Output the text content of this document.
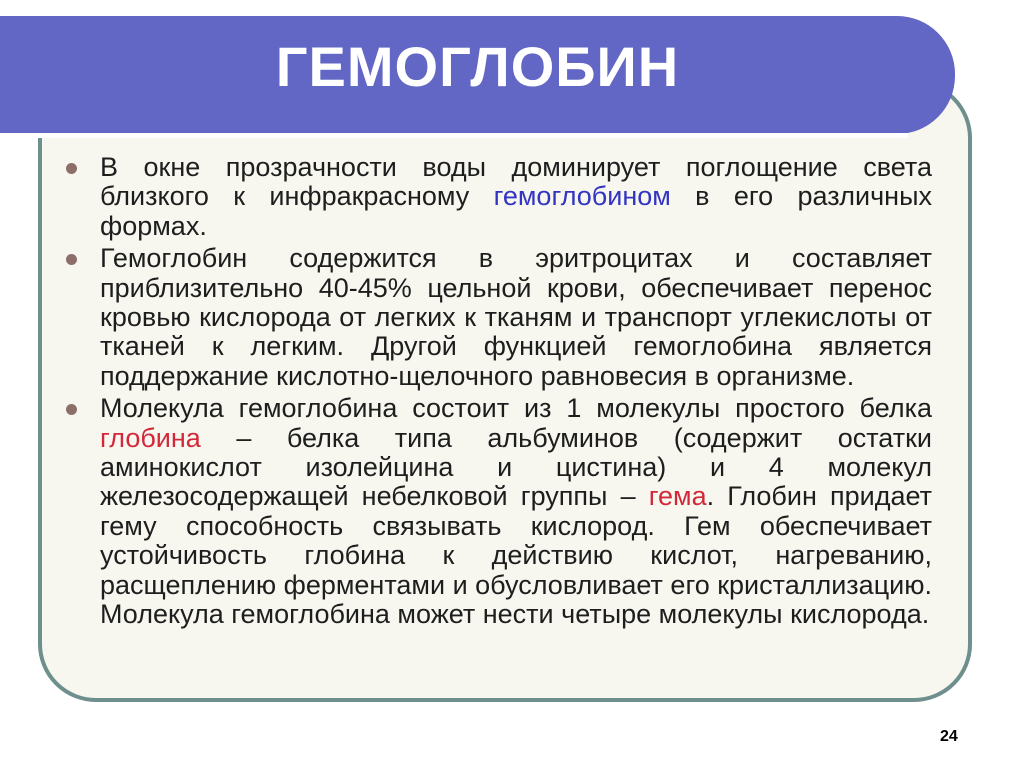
ГЕМОГЛОБИН
В окне прозрачности воды доминирует поглощение света близкого к инфракрасному гемоглобином в его различных формах.
Гемоглобин содержится в эритроцитах и составляет приблизительно 40-45% цельной крови, обеспечивает перенос кровью кислорода от легких к тканям и транспорт углекислоты от тканей к легким. Другой функцией гемоглобина является поддержание кислотно-щелочного равновесия в организме.
Молекула гемоглобина состоит из 1 молекулы простого белка глобина – белка типа альбуминов (содержит остатки аминокислот изолейцина и цистина) и 4 молекул железосодержащей небелковой группы – гема. Глобин придает гему способность связывать кислород. Гем обеспечивает устойчивость глобина к действию кислот, нагреванию, расщеплению ферментами и обусловливает его кристаллизацию. Молекула гемоглобина может нести четыре молекулы кислорода.
24
